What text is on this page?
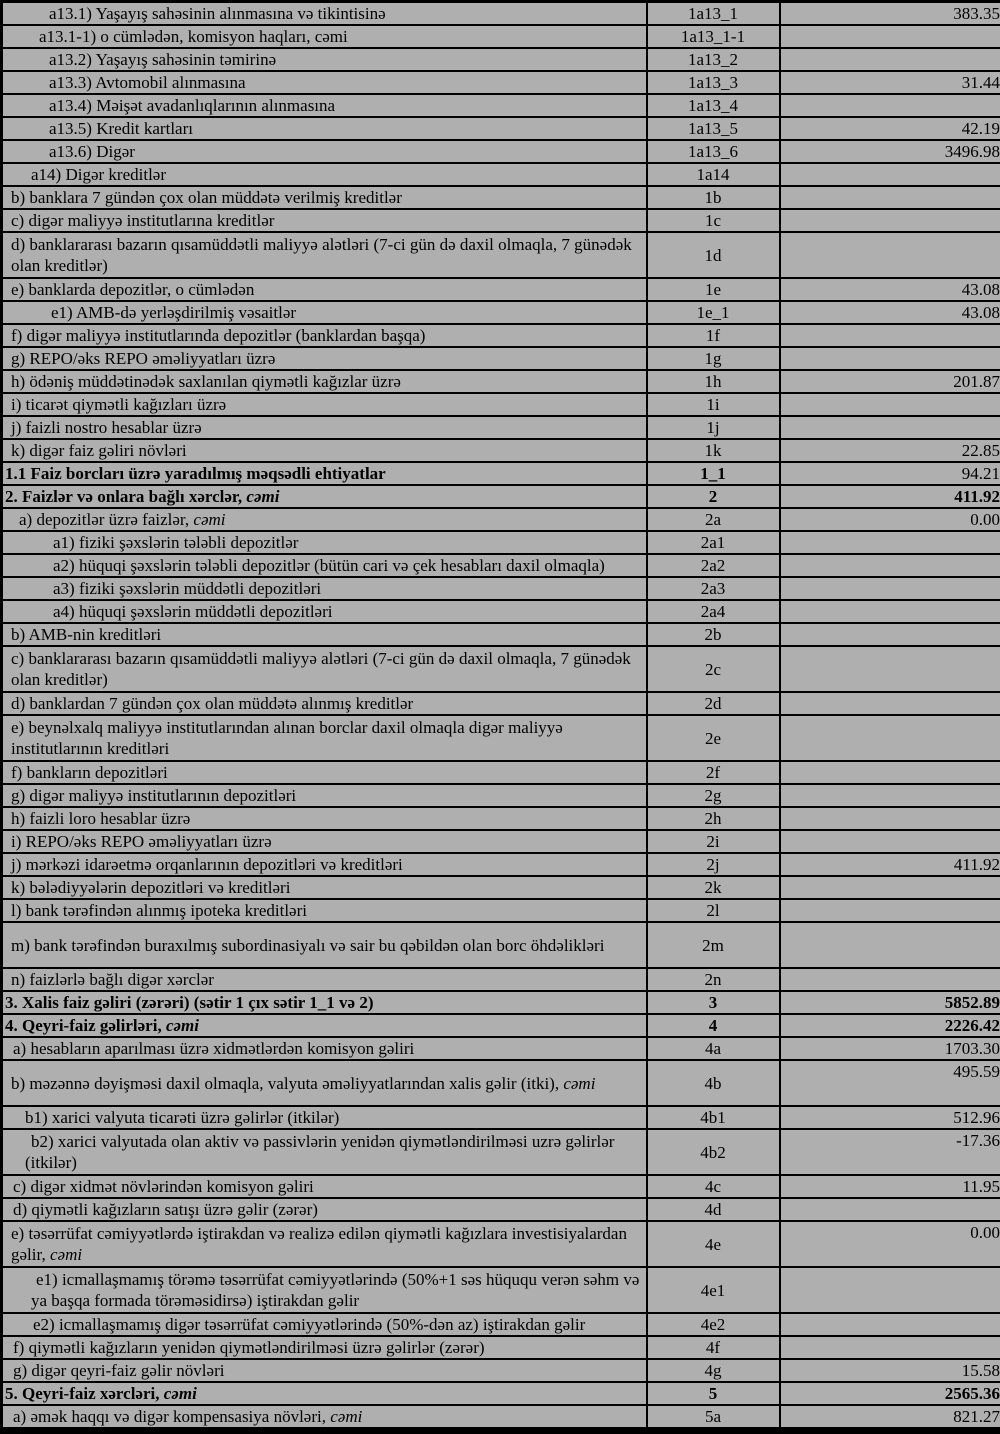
a13.1) Yaşayış sahəsinin alınmasına və tikintisinə	1a13_1	383.35
a13.1-1) o cümlədən, komisyon haqları, cəmi	1a13_1-1	
a13.2) Yaşayış sahəsinin təmirinə	1a13_2	
a13.3) Avtomobil alınmasına	1a13_3	31.44
a13.4) Məişət avadanlıqlarının alınmasına	1a13_4	
a13.5) Kredit kartları	1a13_5	42.19
a13.6) Digər	1a13_6	3496.98
a14) Digər kreditlər	1a14	
b) banklara 7 gündən çox olan müddətə verilmiş kreditlər	1b	
c) digər maliyyə institutlarına kreditlər	1c	
d) banklararası bazarın qısamüddətli maliyyə alətləri (7-ci gün də daxil olmaqla, 7 günədək olan kreditlər)	1d	
e) banklarda depozitlər, o cümlədən	1e	43.08
e1) AMB-də yerləşdirilmiş vəsaitlər	1e_1	43.08
f) digər maliyyə institutlarında depozitlər (banklardan başqa)	1f	
g) REPO/əks REPO əməliyyatları üzrə	1g	
h) ödəniş müddətinədək saxlanılan qiymətli kağızlar üzrə	1h	201.87
i) ticarət qiymətli kağızları üzrə	1i	
j) faizli nostro hesablar üzrə	1j	
k) digər faiz gəliri növləri	1k	22.85
1.1 Faiz borcları üzrə yaradılmış məqsədli ehtiyatlar	1_1	94.21
2. Faizlər və onlara bağlı xərclər, cəmi	2	411.92
a) depozitlər üzrə faizlər, cəmi	2a	0.00
a1) fiziki şəxslərin tələbli depozitlər	2a1	
a2) hüquqi şəxslərin tələbli depozitlər (bütün cari və çek hesabları daxil olmaqla)	2a2	
a3) fiziki şəxslərin müddətli depozitləri	2a3	
a4) hüquqi şəxslərin müddətli depozitləri	2a4	
b) AMB-nin kreditləri	2b	
c) banklararası bazarın qısamüddətli maliyyə alətləri (7-ci gün də daxil olmaqla, 7 günədək olan kreditlər)	2c	
d) banklardan 7 gündən çox olan müddətə alınmış kreditlər	2d	
e) beynəlxalq maliyyə institutlarından alınan borclar daxil olmaqla digər maliyyə institutlarının kreditləri	2e	
f) bankların depozitləri	2f	
g) digər maliyyə institutlarının depozitləri	2g	
h) faizli loro hesablar üzrə	2h	
i) REPO/əks REPO əməliyyatları üzrə	2i	
j) mərkəzi idarəetmə orqanlarının depozitləri və kreditləri	2j	411.92
k) bələdiyyələrin depozitləri və kreditləri	2k	
l) bank tərəfindən alınmış ipoteka kreditləri	2l	
m) bank tərəfindən buraxılmış subordinasiyalı və sair bu qəbildən olan borc öhdəlikləri	2m	
n) faizlərlə bağlı digər xərclər	2n	
3. Xalis faiz gəliri (zərəri) (sətir 1 çıx sətir 1_1 və 2)	3	5852.89
4. Qeyri-faiz gəlirləri, cəmi	4	2226.42
a) hesabların aparılması üzrə xidmətlərdən komisyon gəliri	4a	1703.30
b) məzənnə dəyişməsi daxil olmaqla, valyuta əməliyyatlarından xalis gəlir (itki), cəmi	4b	495.59
b1) xarici valyuta ticarəti üzrə gəlirlər (itkilər)	4b1	512.96
b2) xarici valyutada olan aktiv və passivlərin yenidən qiymətləndirilməsi uzrə gəlirlər (itkilər)	4b2	-17.36
c) digər xidmət növlərindən komisyon gəliri	4c	11.95
d) qiymətli kağızların satışı üzrə gəlir (zərər)	4d	
e) təsərrüfat cəmiyyətlərdə iştirakdan və realizə edilən qiymətli kağızlara investisiyalardan gəlir, cəmi	4e	0.00
e1) icmallaşmamış törəmə təsərrüfat cəmiyyətlərində (50%+1 səs hüququ verən səhm və ya başqa formada törəməsidirsə) iştirakdan gəlir	4e1	
e2) icmallaşmamış digər təsərrüfat cəmiyyətlərində (50%-dən az) iştirakdan gəlir	4e2	
f) qiymətli kağızların yenidən qiymətləndirilməsi üzrə gəlirlər (zərər)	4f	
g) digər qeyri-faiz gəlir növləri	4g	15.58
5. Qeyri-faiz xərcləri, cəmi	5	2565.36
a) əmək haqqı və digər kompensasiya növləri, cəmi	5a	821.27
